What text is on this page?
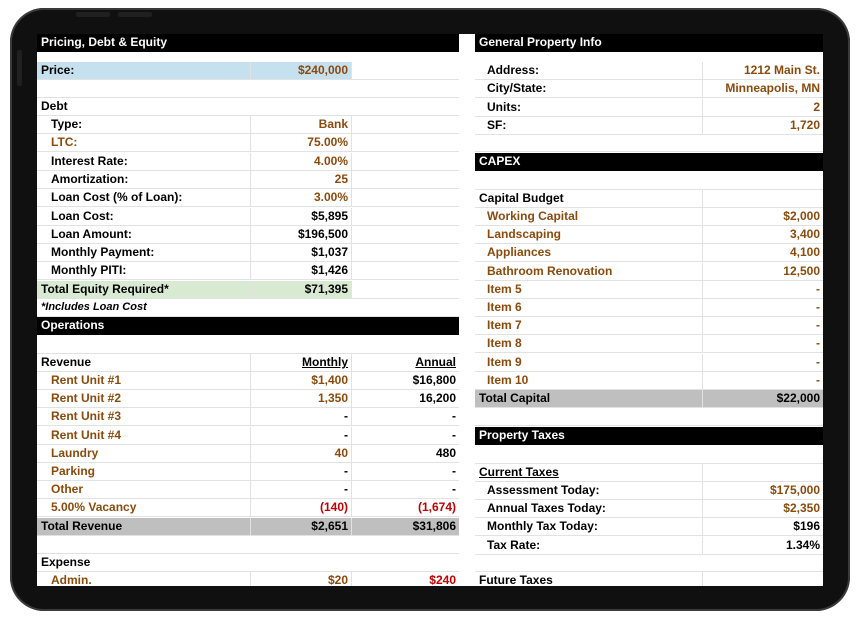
Pricing, Debt & Equity
Price:	$240,000
Debt
Type:	Bank
LTC:	75.00%
Interest Rate:	4.00%
Amortization:	25
Loan Cost (% of Loan):	3.00%
Loan Cost:	$5,895
Loan Amount:	$196,500
Monthly Payment:	$1,037
Monthly PITI:	$1,426
Total Equity Required*	$71,395
*Includes Loan Cost
Operations
Revenue	Monthly	Annual
Rent Unit #1	$1,400	$16,800
Rent Unit #2	1,350	16,200
Rent Unit #3	-	-
Rent Unit #4	-	-
Laundry	40	480
Parking	-	-
Other	-	-
5.00% Vacancy	(140)	(1,674)
Total Revenue	$2,651	$31,806
Expense
Admin.	$20	$240
General Property Info
Address:	1212 Main St.
City/State:	Minneapolis, MN
Units:	2
SF:	1,720
CAPEX
Capital Budget
Working Capital	$2,000
Landscaping	3,400
Appliances	4,100
Bathroom Renovation	12,500
Item 5	-
Item 6	-
Item 7	-
Item 8	-
Item 9	-
Item 10	-
Total Capital	$22,000
Property Taxes
Current Taxes
Assessment Today:	$175,000
Annual Taxes Today:	$2,350
Monthly Tax Today:	$196
Tax Rate:	1.34%
Future Taxes
